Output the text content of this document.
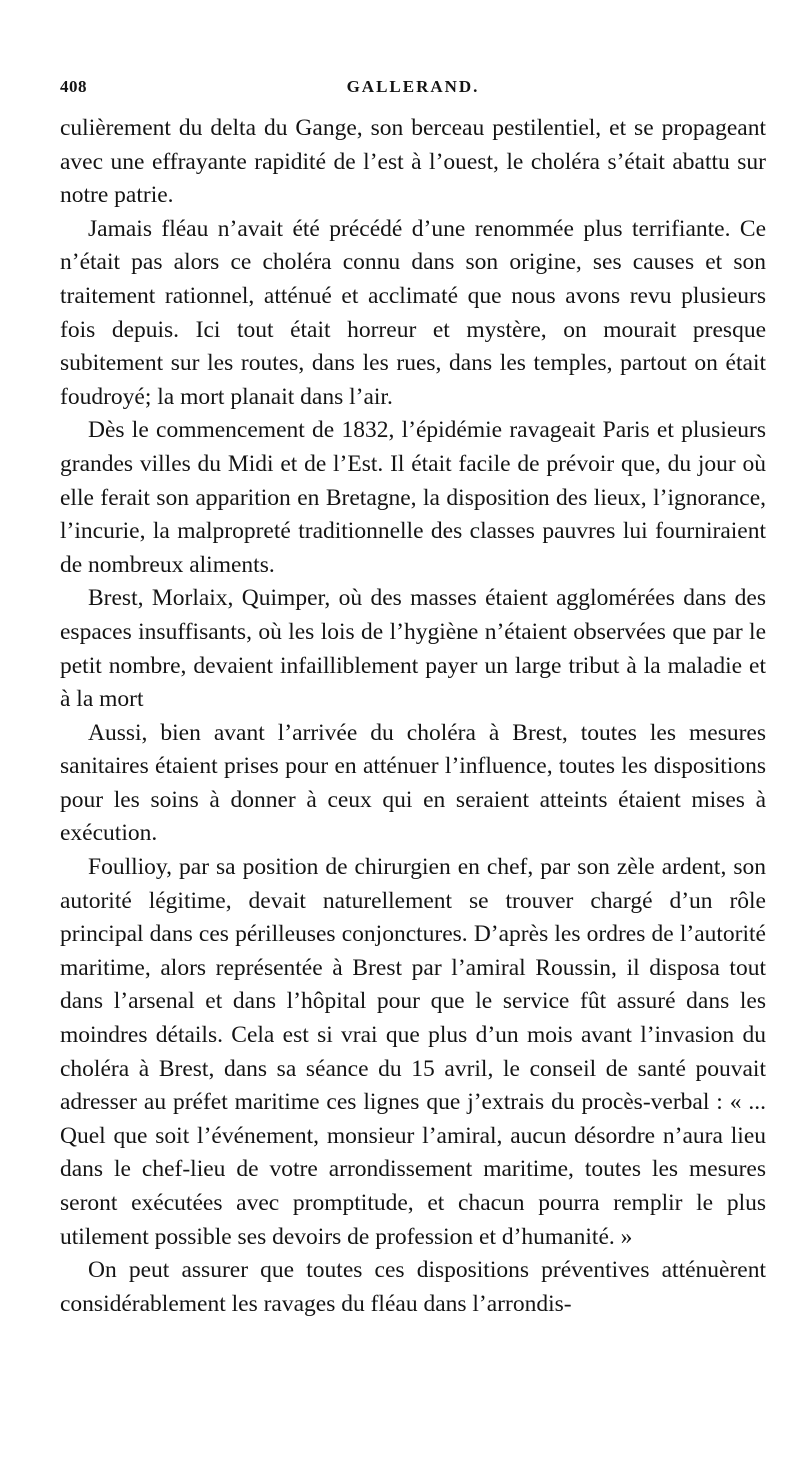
408	GALLERAND.

culièrement du delta du Gange, son berceau pestilentiel, et se propageant avec une effrayante rapidité de l’est à l’ouest, le choléra s’était abattu sur notre patrie.

Jamais fléau n’avait été précédé d’une renommée plus terrifiante. Ce n’était pas alors ce choléra connu dans son origine, ses causes et son traitement rationnel, atténué et acclimaté que nous avons revu plusieurs fois depuis. Ici tout était horreur et mystère, on mourait presque subitement sur les routes, dans les rues, dans les temples, partout on était foudroyé; la mort planait dans l’air.

Dès le commencement de 1832, l’épidémie ravageait Paris et plusieurs grandes villes du Midi et de l’Est. Il était facile de prévoir que, du jour où elle ferait son apparition en Bretagne, la disposition des lieux, l’ignorance, l’incurie, la malpropreté traditionnelle des classes pauvres lui fourniraient de nombreux aliments.

Brest, Morlaix, Quimper, où des masses étaient agglomérées dans des espaces insuffisants, où les lois de l’hygiène n’étaient observées que par le petit nombre, devaient infailliblement payer un large tribut à la maladie et à la mort

Aussi, bien avant l’arrivée du choléra à Brest, toutes les mesures sanitaires étaient prises pour en atténuer l’influence, toutes les dispositions pour les soins à donner à ceux qui en seraient atteints étaient mises à exécution.

Foullioy, par sa position de chirurgien en chef, par son zèle ardent, son autorité légitime, devait naturellement se trouver chargé d’un rôle principal dans ces périlleuses conjonctures. D’après les ordres de l’autorité maritime, alors représentée à Brest par l’amiral Roussin, il disposa tout dans l’arsenal et dans l’hôpital pour que le service fût assuré dans les moindres détails. Cela est si vrai que plus d’un mois avant l’invasion du choléra à Brest, dans sa séance du 15 avril, le conseil de santé pouvait adresser au préfet maritime ces lignes que j’extrais du procès-verbal : « ... Quel que soit l’événement, monsieur l’amiral, aucun désordre n’aura lieu dans le chef-lieu de votre arrondissement maritime, toutes les mesures seront exécutées avec promptitude, et chacun pourra remplir le plus utilement possible ses devoirs de profession et d’humanité. »

On peut assurer que toutes ces dispositions préventives atténuèrent considérablement les ravages du fléau dans l’arrondis-
